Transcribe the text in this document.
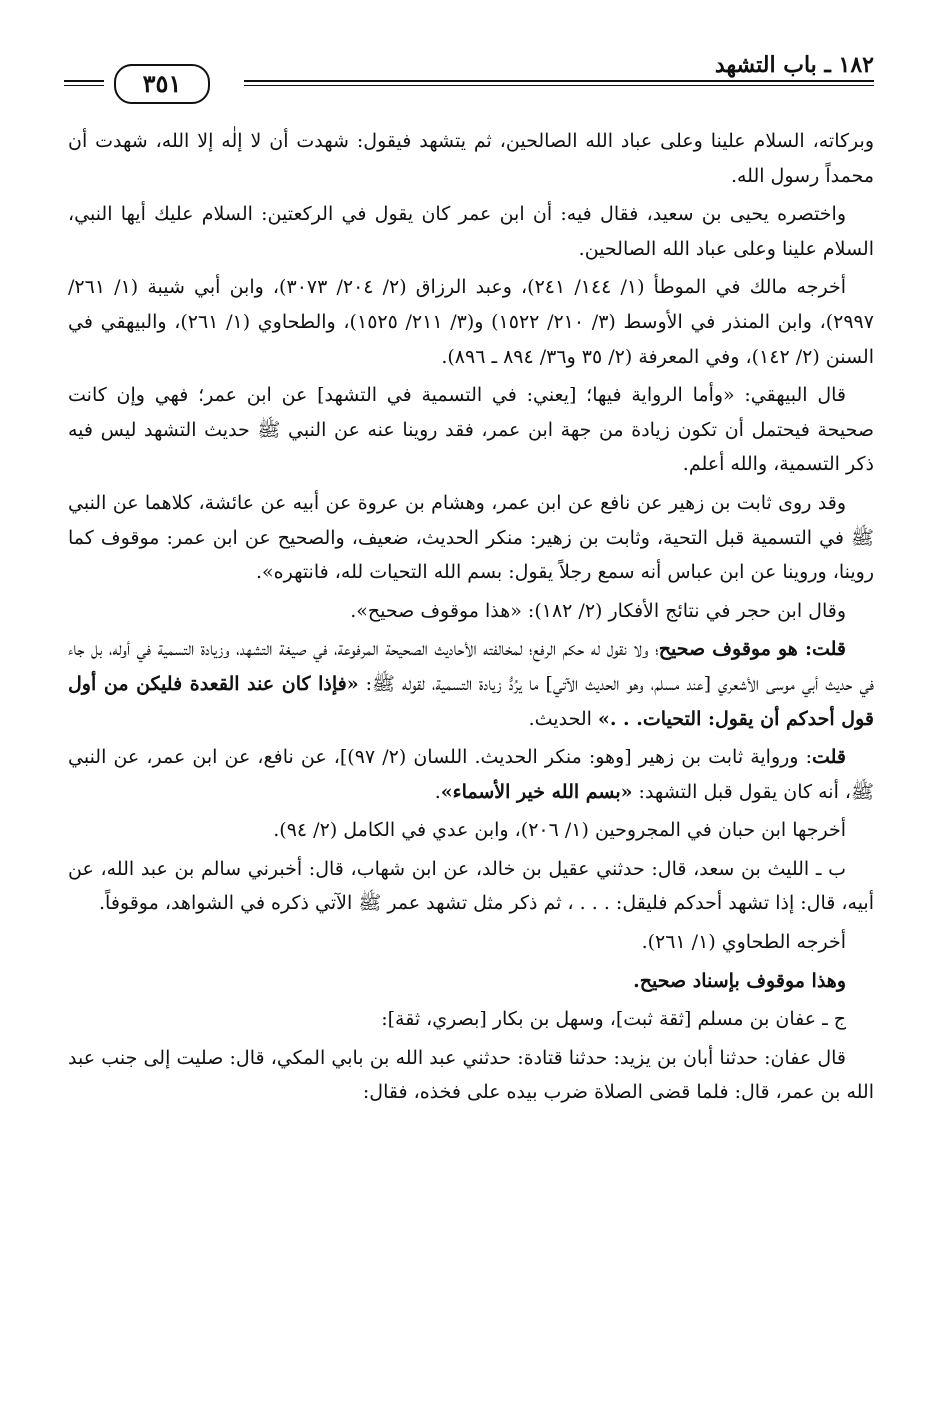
١٨٢ ـ باب التشهد
٣٥١

وبركاته، السلام علينا وعلى عباد الله الصالحين، ثم يتشهد فيقول: شهدت أن لا إلٰه إلا الله، شهدت أن محمداً رسول الله.

واختصره يحيى بن سعيد، فقال فيه: أن ابن عمر كان يقول في الركعتين: السلام عليك أيها النبي، السلام علينا وعلى عباد الله الصالحين.

أخرجه مالك في الموطأ (١/ ١٤٤/ ٢٤١)، وعبد الرزاق (٢/ ٢٠٤/ ٣٠٧٣)، وابن أبي شيبة (١/ ٢٦١/ ٢٩٩٧)، وابن المنذر في الأوسط (٣/ ٢١٠/ ١٥٢٢) و(٣/ ٢١١/ ١٥٢٥)، والطحاوي (١/ ٢٦١)، والبيهقي في السنن (٢/ ١٤٢)، وفي المعرفة (٢/ ٣٥ و٣٦/ ٨٩٤ ـ ٨٩٦).

قال البيهقي: «وأما الرواية فيها؛ [يعني: في التسمية في التشهد] عن ابن عمر؛ فهي وإن كانت صحيحة فيحتمل أن تكون زيادة من جهة ابن عمر، فقد روينا عنه عن النبي ﷺ حديث التشهد ليس فيه ذكر التسمية، والله أعلم.

وقد روى ثابت بن زهير عن نافع عن ابن عمر، وهشام بن عروة عن أبيه عن عائشة، كلاهما عن النبي ﷺ في التسمية قبل التحية، وثابت بن زهير: منكر الحديث، ضعيف، والصحيح عن ابن عمر: موقوف كما روينا، وروينا عن ابن عباس أنه سمع رجلاً يقول: بسم الله التحيات لله، فانتهره».

وقال ابن حجر في نتائج الأفكار (٢/ ١٨٢): «هذا موقوف صحيح».

قلت: هو موقوف صحيح؛ ولا نقول له حكم الرفع؛ لمخالفته الأحاديث الصحيحة المرفوعة، في صيغة التشهد، وزيادة التسمية في أوله، بل جاء في حديث أبي موسى الأشعري [عند مسلم، وهو الحديث الآتي] ما يرُدُّ زيادة التسمية، لقوله ﷺ: «فإذا كان عند القعدة فليكن من أول قول أحدكم أن يقول: التحيات. . .» الحديث.

قلت: ورواية ثابت بن زهير [وهو: منكر الحديث. اللسان (٢/ ٩٧)]، عن نافع، عن ابن عمر، عن النبي ﷺ، أنه كان يقول قبل التشهد: «بسم الله خير الأسماء».

أخرجها ابن حبان في المجروحين (١/ ٢٠٦)، وابن عدي في الكامل (٢/ ٩٤).

ب ـ الليث بن سعد، قال: حدثني عقيل بن خالد، عن ابن شهاب، قال: أخبرني سالم بن عبد الله، عن أبيه، قال: إذا تشهد أحدكم فليقل: . . . ، ثم ذكر مثل تشهد عمر ﷺ الآتي ذكره في الشواهد، موقوفاً.

أخرجه الطحاوي (١/ ٢٦١).

وهذا موقوف بإسناد صحيح.

ج ـ عفان بن مسلم [ثقة ثبت]، وسهل بن بكار [بصري، ثقة]:

قال عفان: حدثنا أبان بن يزيد: حدثنا قتادة: حدثني عبد الله بن بابي المكي، قال: صليت إلى جنب عبد الله بن عمر، قال: فلما قضى الصلاة ضرب بيده على فخذه، فقال:
